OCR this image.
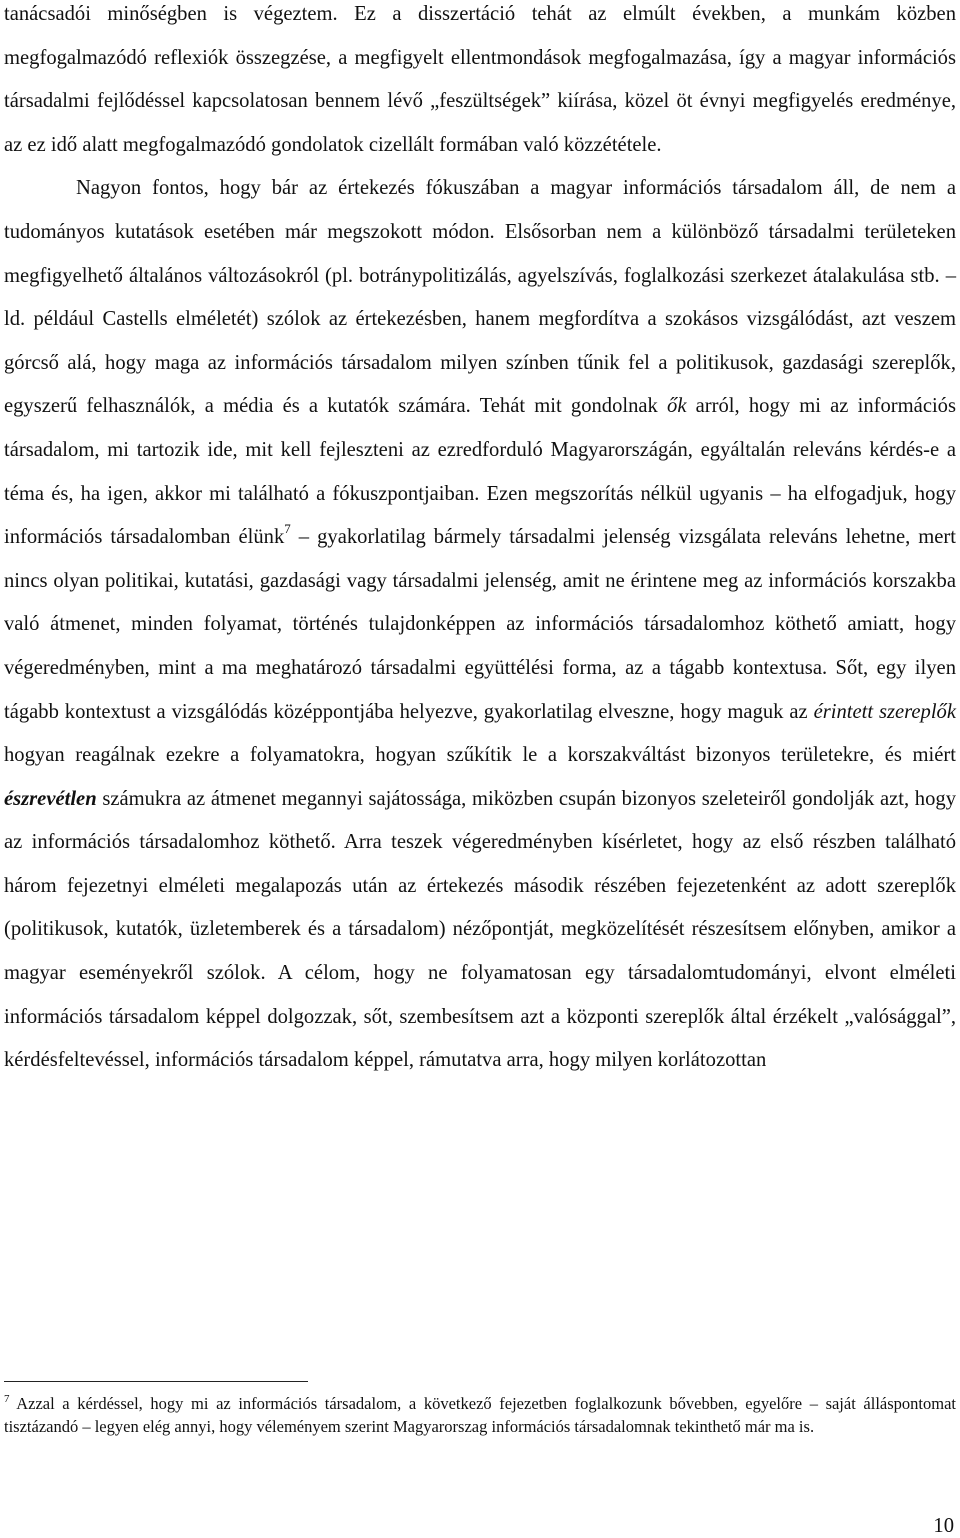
tanácsadói minőségben is végeztem. Ez a disszertáció tehát az elmúlt években, a munkám közben megfogalmazódó reflexiók összegzése, a megfigyelt ellentmondások megfogalmazása, így a magyar információs társadalmi fejlődéssel kapcsolatosan bennem lévő „feszültségek” kiírása, közel öt évnyi megfigyelés eredménye, az ez idő alatt megfogalmazódó gondolatok cizellált formában való közzététele.

Nagyon fontos, hogy bár az értekezés fókuszában a magyar információs társadalom áll, de nem a tudományos kutatások esetében már megszokott módon. Elsősorban nem a különböző társadalmi területeken megfigyelhető általános változásokról (pl. botránypolitizálás, agyelszívás, foglalkozási szerkezet átalakulása stb. – ld. például Castells elméletét) szólok az értekezésben, hanem megfordítva a szokásos vizsgálódást, azt veszem górcső alá, hogy maga az információs társadalom milyen színben tűnik fel a politikusok, gazdasági szereplők, egyszerű felhasználók, a média és a kutatók számára. Tehát mit gondolnak ők arról, hogy mi az információs társadalom, mi tartozik ide, mit kell fejleszteni az ezredforduló Magyarországán, egyáltalán releváns kérdés-e a téma és, ha igen, akkor mi található a fókuszpontjaiban. Ezen megszorítás nélkül ugyanis – ha elfogadjuk, hogy információs társadalomban élünk$^7$ – gyakorlatilag bármely társadalmi jelenség vizsgálata releváns lehetne, mert nincs olyan politikai, kutatási, gazdasági vagy társadalmi jelenség, amit ne érintene meg az információs korszakba való átmenet, minden folyamat, történés tulajdonképpen az információs társadalomhoz köthető amiatt, hogy végeredményben, mint a ma meghatározó társadalmi együttélési forma, az a tágabb kontextusa. Sőt, egy ilyen tágabb kontextust a vizsgálódás középpontjába helyezve, gyakorlatilag elveszne, hogy maguk az érintett szereplők hogyan reagálnak ezekre a folyamatokra, hogyan szűkítik le a korszakváltást bizonyos területekre, és miért észrevétlen számukra az átmenet megannyi sajátossága, miközben csupán bizonyos szeleteiről gondolják azt, hogy az információs társadalomhoz köthető. Arra teszek végeredményben kísérletet, hogy az első részben található három fejezetnyi elméleti megalapozás után az értekezés második részében fejezetenként az adott szereplők (politikusok, kutatók, üzletemberek és a társadalom) nézőpontját, megközelítését részesítsem előnyben, amikor a magyar eseményekről szólok. A célom, hogy ne folyamatosan egy társadalomtudományi, elvont elméleti információs társadalom képpel dolgozzak, sőt, szembesítsem azt a központi szereplők által érzékelt „valósággal”, kérdésfeltevéssel, információs társadalom képpel, rámutatva arra, hogy milyen korlátozottan

$^7$ Azzal a kérdéssel, hogy mi az információs társadalom, a következő fejezetben foglalkozunk bővebben, egyelőre – saját álláspontomat tisztázandó – legyen elég annyi, hogy véleményem szerint Magyarorszag információs társadalomnak tekinthető már ma is.

10
